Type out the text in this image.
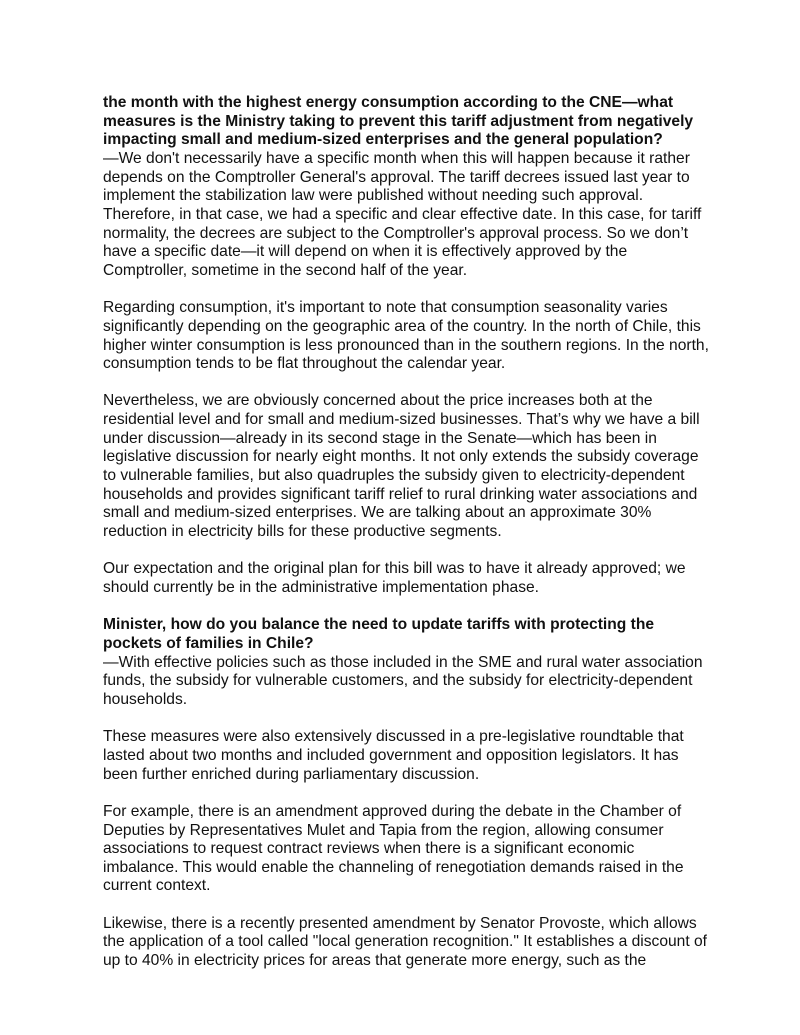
the month with the highest energy consumption according to the CNE—what
measures is the Ministry taking to prevent this tariff adjustment from negatively
impacting small and medium-sized enterprises and the general population?
—We don't necessarily have a specific month when this will happen because it rather
depends on the Comptroller General's approval. The tariff decrees issued last year to
implement the stabilization law were published without needing such approval.
Therefore, in that case, we had a specific and clear effective date. In this case, for tariff
normality, the decrees are subject to the Comptroller's approval process. So we don’t
have a specific date—it will depend on when it is effectively approved by the
Comptroller, sometime in the second half of the year.
Regarding consumption, it's important to note that consumption seasonality varies
significantly depending on the geographic area of the country. In the north of Chile, this
higher winter consumption is less pronounced than in the southern regions. In the north,
consumption tends to be flat throughout the calendar year.
Nevertheless, we are obviously concerned about the price increases both at the
residential level and for small and medium-sized businesses. That’s why we have a bill
under discussion—already in its second stage in the Senate—which has been in
legislative discussion for nearly eight months. It not only extends the subsidy coverage
to vulnerable families, but also quadruples the subsidy given to electricity-dependent
households and provides significant tariff relief to rural drinking water associations and
small and medium-sized enterprises. We are talking about an approximate 30%
reduction in electricity bills for these productive segments.
Our expectation and the original plan for this bill was to have it already approved; we
should currently be in the administrative implementation phase.
Minister, how do you balance the need to update tariffs with protecting the
pockets of families in Chile?
—With effective policies such as those included in the SME and rural water association
funds, the subsidy for vulnerable customers, and the subsidy for electricity-dependent
households.
These measures were also extensively discussed in a pre-legislative roundtable that
lasted about two months and included government and opposition legislators. It has
been further enriched during parliamentary discussion.
For example, there is an amendment approved during the debate in the Chamber of
Deputies by Representatives Mulet and Tapia from the region, allowing consumer
associations to request contract reviews when there is a significant economic
imbalance. This would enable the channeling of renegotiation demands raised in the
current context.
Likewise, there is a recently presented amendment by Senator Provoste, which allows
the application of a tool called "local generation recognition." It establishes a discount of
up to 40% in electricity prices for areas that generate more energy, such as the
